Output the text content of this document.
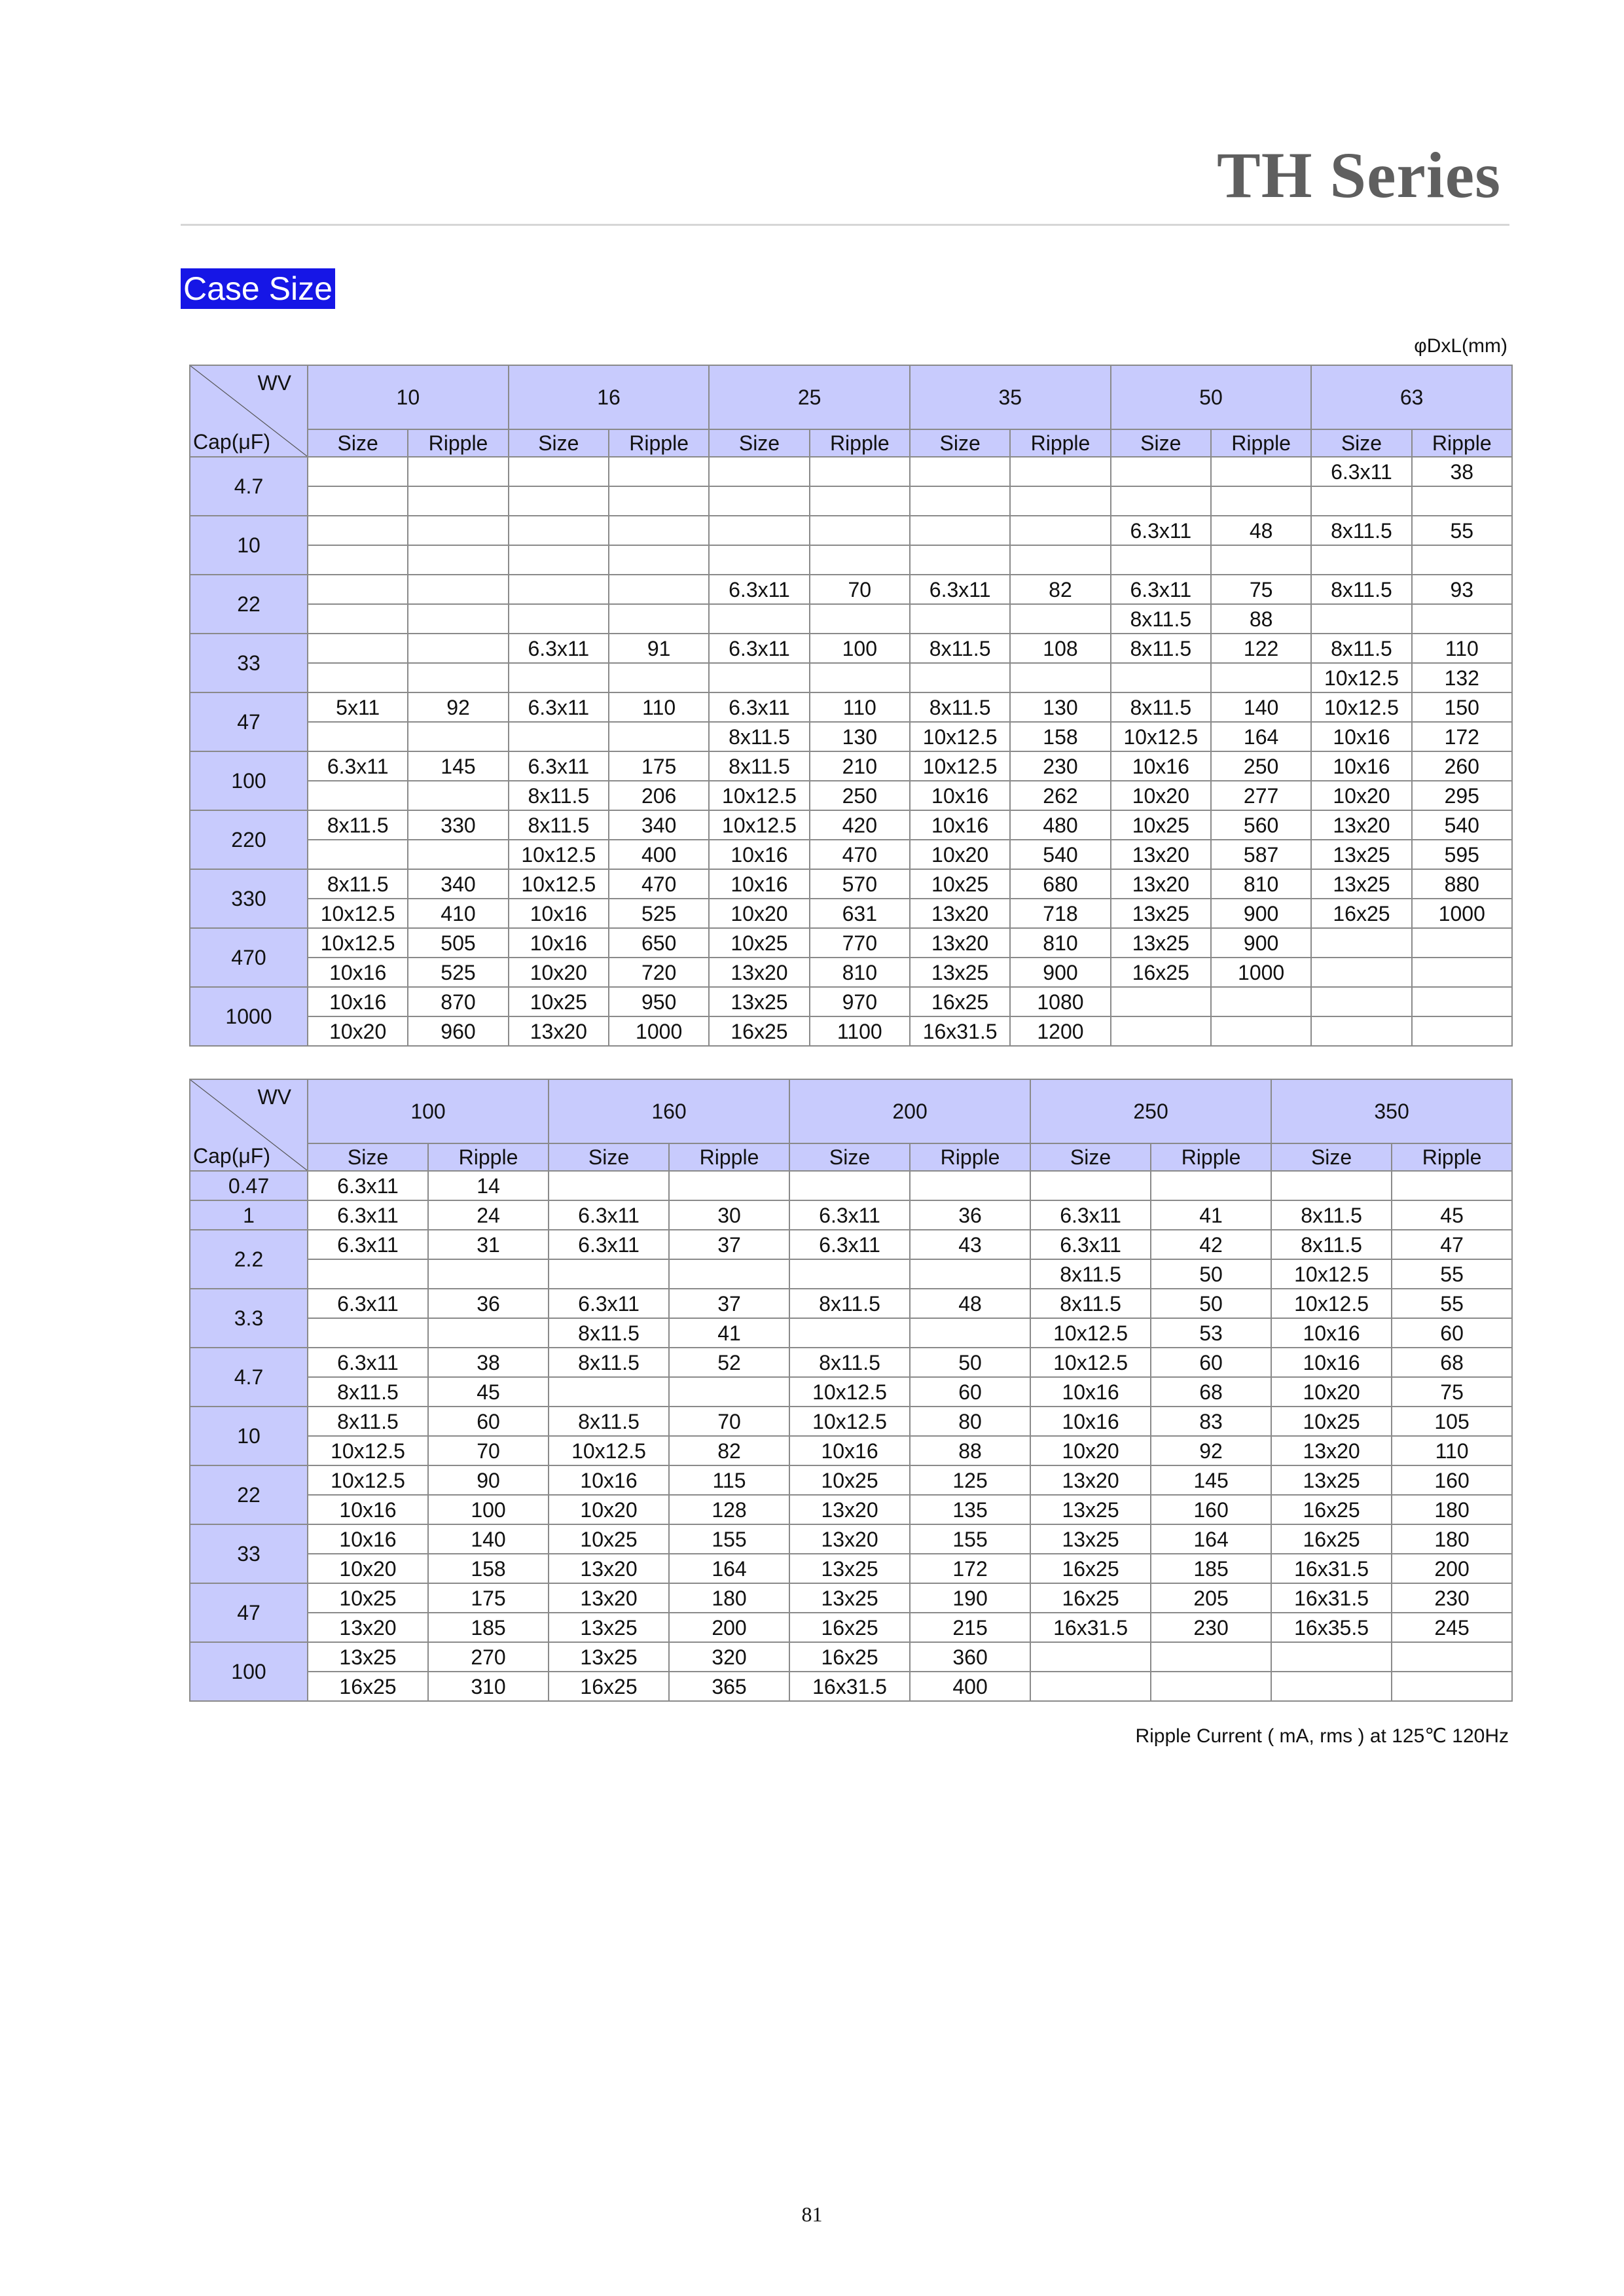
TH Series
Case Size
φDxL(mm)
WV
Cap(μF)	10		16		25		35		50		63	
	Size	Ripple	Size	Ripple	Size	Ripple	Size	Ripple	Size	Ripple	Size	Ripple
4.7											6.3x11	38

10									6.3x11	48	8x11.5	55

22					6.3x11	70	6.3x11	82	6.3x11	75	8x11.5	93
									8x11.5	88		
33			6.3x11	91	6.3x11	100	8x11.5	108	8x11.5	122	8x11.5	110
											10x12.5	132
47	5x11	92	6.3x11	110	6.3x11	110	8x11.5	130	8x11.5	140	10x12.5	150
					8x11.5	130	10x12.5	158	10x12.5	164	10x16	172
100	6.3x11	145	6.3x11	175	8x11.5	210	10x12.5	230	10x16	250	10x16	260
			8x11.5	206	10x12.5	250	10x16	262	10x20	277	10x20	295
220	8x11.5	330	8x11.5	340	10x12.5	420	10x16	480	10x25	560	13x20	540
			10x12.5	400	10x16	470	10x20	540	13x20	587	13x25	595
330	8x11.5	340	10x12.5	470	10x16	570	10x25	680	13x20	810	13x25	880
	10x12.5	410	10x16	525	10x20	631	13x20	718	13x25	900	16x25	1000
470	10x12.5	505	10x16	650	10x25	770	13x20	810	13x25	900		
	10x16	525	10x20	720	13x20	810	13x25	900	16x25	1000		
1000	10x16	870	10x25	950	13x25	970	16x25	1080				
	10x20	960	13x20	1000	16x25	1100	16x31.5	1200				
WV
Cap(μF)	100		160		200		250		350	
	Size	Ripple	Size	Ripple	Size	Ripple	Size	Ripple	Size	Ripple
0.47	6.3x11	14								
1	6.3x11	24	6.3x11	30	6.3x11	36	6.3x11	41	8x11.5	45
2.2	6.3x11	31	6.3x11	37	6.3x11	43	6.3x11	42	8x11.5	47
							8x11.5	50	10x12.5	55
3.3	6.3x11	36	6.3x11	37	8x11.5	48	8x11.5	50	10x12.5	55
			8x11.5	41			10x12.5	53	10x16	60
4.7	6.3x11	38	8x11.5	52	8x11.5	50	10x12.5	60	10x16	68
	8x11.5	45			10x12.5	60	10x16	68	10x20	75
10	8x11.5	60	8x11.5	70	10x12.5	80	10x16	83	10x25	105
	10x12.5	70	10x12.5	82	10x16	88	10x20	92	13x20	110
22	10x12.5	90	10x16	115	10x25	125	13x20	145	13x25	160
	10x16	100	10x20	128	13x20	135	13x25	160	16x25	180
33	10x16	140	10x25	155	13x20	155	13x25	164	16x25	180
	10x20	158	13x20	164	13x25	172	16x25	185	16x31.5	200
47	10x25	175	13x20	180	13x25	190	16x25	205	16x31.5	230
	13x20	185	13x25	200	16x25	215	16x31.5	230	16x35.5	245
100	13x25	270	13x25	320	16x25	360				
	16x25	310	16x25	365	16x31.5	400				
Ripple Current ( mA, rms ) at 125℃ 120Hz
81
